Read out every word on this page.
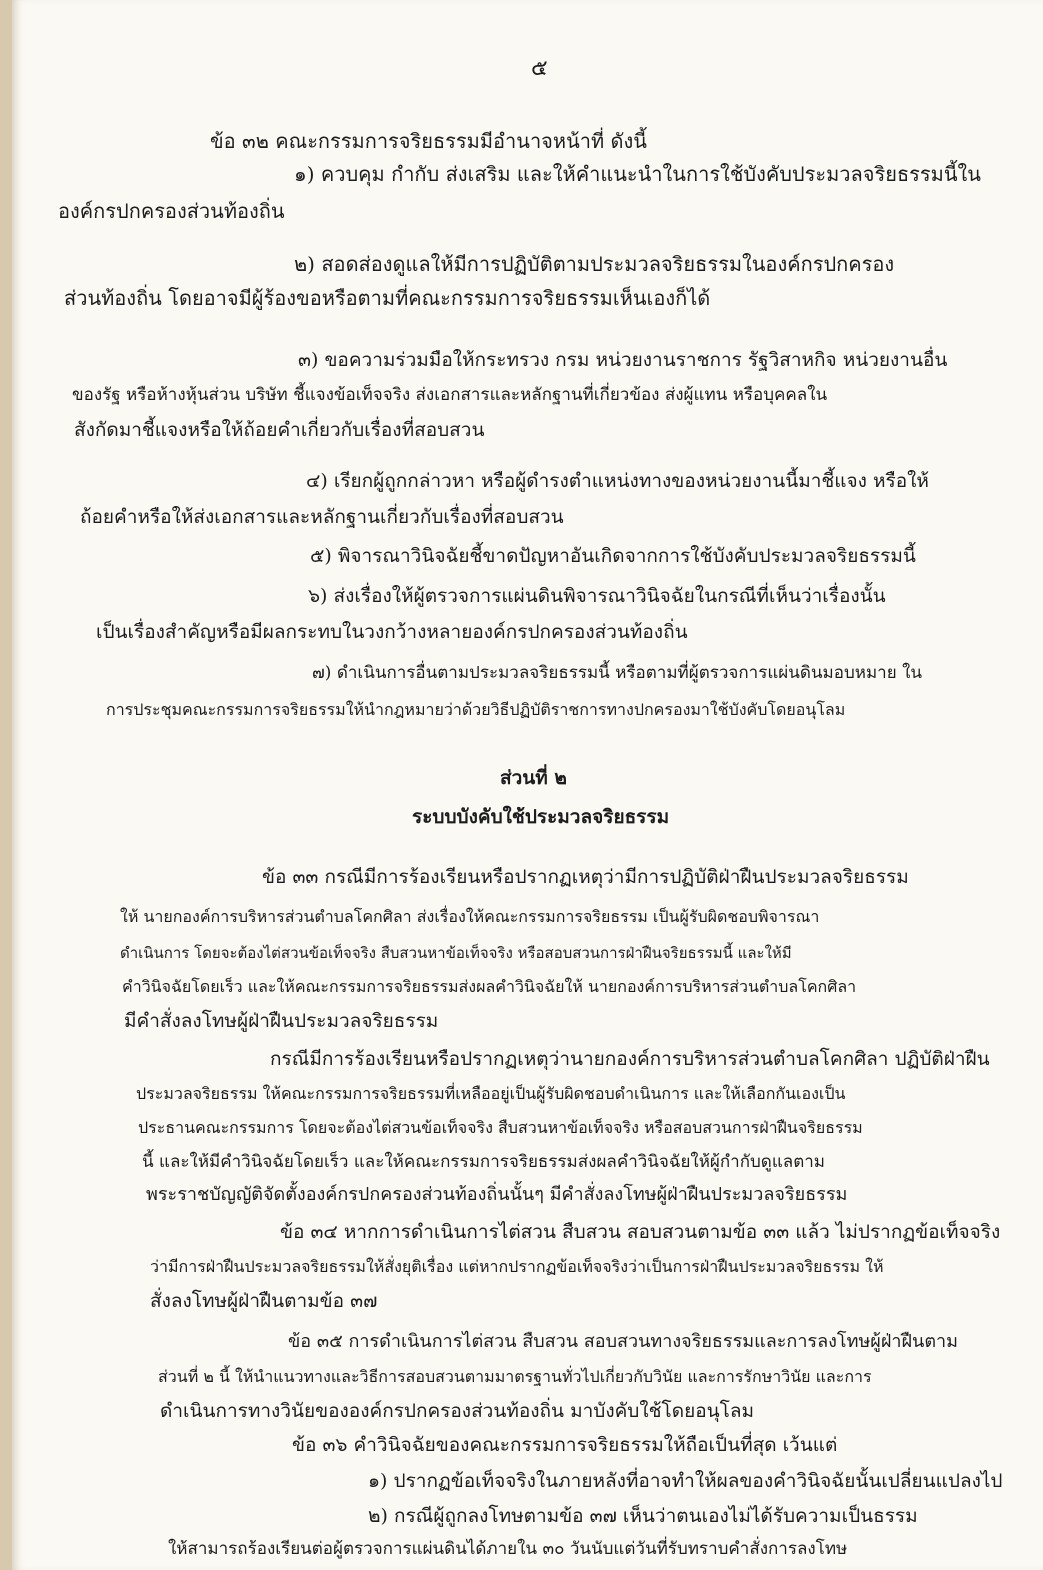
๕
ข้อ ๓๒ คณะกรรมการจริยธรรมมีอำนาจหน้าที่ ดังนี้
๑) ควบคุม กำกับ ส่งเสริม และให้คำแนะนำในการใช้บังคับประมวลจริยธรรมนี้ใน
องค์กรปกครองส่วนท้องถิ่น
๒) สอดส่องดูแลให้มีการปฏิบัติตามประมวลจริยธรรมในองค์กรปกครอง
ส่วนท้องถิ่น โดยอาจมีผู้ร้องขอหรือตามที่คณะกรรมการจริยธรรมเห็นเองก็ได้
๓) ขอความร่วมมือให้กระทรวง กรม หน่วยงานราชการ รัฐวิสาหกิจ หน่วยงานอื่น
ของรัฐ หรือห้างหุ้นส่วน บริษัท ชี้แจงข้อเท็จจริง ส่งเอกสารและหลักฐานที่เกี่ยวข้อง ส่งผู้แทน หรือบุคคลใน
สังกัดมาชี้แจงหรือให้ถ้อยคำเกี่ยวกับเรื่องที่สอบสวน
๔) เรียกผู้ถูกกล่าวหา หรือผู้ดำรงตำแหน่งทางของหน่วยงานนี้มาชี้แจง หรือให้
ถ้อยคำหรือให้ส่งเอกสารและหลักฐานเกี่ยวกับเรื่องที่สอบสวน
๕) พิจารณาวินิจฉัยชี้ขาดปัญหาอันเกิดจากการใช้บังคับประมวลจริยธรรมนี้
๖) ส่งเรื่องให้ผู้ตรวจการแผ่นดินพิจารณาวินิจฉัยในกรณีที่เห็นว่าเรื่องนั้น
เป็นเรื่องสำคัญหรือมีผลกระทบในวงกว้างหลายองค์กรปกครองส่วนท้องถิ่น
๗) ดำเนินการอื่นตามประมวลจริยธรรมนี้ หรือตามที่ผู้ตรวจการแผ่นดินมอบหมาย ใน
การประชุมคณะกรรมการจริยธรรมให้นำกฎหมายว่าด้วยวิธีปฏิบัติราชการทางปกครองมาใช้บังคับโดยอนุโลม
ส่วนที่ ๒
ระบบบังคับใช้ประมวลจริยธรรม
ข้อ ๓๓ กรณีมีการร้องเรียนหรือปรากฏเหตุว่ามีการปฏิบัติฝ่าฝืนประมวลจริยธรรม
ให้ นายกองค์การบริหารส่วนตำบลโคกศิลา ส่งเรื่องให้คณะกรรมการจริยธรรม เป็นผู้รับผิดชอบพิจารณา
ดำเนินการ โดยจะต้องไต่สวนข้อเท็จจริง สืบสวนหาข้อเท็จจริง หรือสอบสวนการฝ่าฝืนจริยธรรมนี้ และให้มี
คำวินิจฉัยโดยเร็ว และให้คณะกรรมการจริยธรรมส่งผลคำวินิจฉัยให้ นายกองค์การบริหารส่วนตำบลโคกศิลา
มีคำสั่งลงโทษผู้ฝ่าฝืนประมวลจริยธรรม
กรณีมีการร้องเรียนหรือปรากฏเหตุว่านายกองค์การบริหารส่วนตำบลโคกศิลา ปฏิบัติฝ่าฝืน
ประมวลจริยธรรม ให้คณะกรรมการจริยธรรมที่เหลืออยู่เป็นผู้รับผิดชอบดำเนินการ และให้เลือกกันเองเป็น
ประธานคณะกรรมการ โดยจะต้องไต่สวนข้อเท็จจริง สืบสวนหาข้อเท็จจริง หรือสอบสวนการฝ่าฝืนจริยธรรม
นี้ และให้มีคำวินิจฉัยโดยเร็ว และให้คณะกรรมการจริยธรรมส่งผลคำวินิจฉัยให้ผู้กำกับดูแลตาม
พระราชบัญญัติจัดตั้งองค์กรปกครองส่วนท้องถิ่นนั้นๆ มีคำสั่งลงโทษผู้ฝ่าฝืนประมวลจริยธรรม
ข้อ ๓๔ หากการดำเนินการไต่สวน สืบสวน สอบสวนตามข้อ ๓๓ แล้ว ไม่ปรากฏข้อเท็จจริง
ว่ามีการฝ่าฝืนประมวลจริยธรรมให้สั่งยุติเรื่อง แต่หากปรากฏข้อเท็จจริงว่าเป็นการฝ่าฝืนประมวลจริยธรรม ให้
สั่งลงโทษผู้ฝ่าฝืนตามข้อ ๓๗
ข้อ ๓๕ การดำเนินการไต่สวน สืบสวน สอบสวนทางจริยธรรมและการลงโทษผู้ฝ่าฝืนตาม
ส่วนที่ ๒ นี้ ให้นำแนวทางและวิธีการสอบสวนตามมาตรฐานทั่วไปเกี่ยวกับวินัย และการรักษาวินัย และการ
ดำเนินการทางวินัยขององค์กรปกครองส่วนท้องถิ่น มาบังคับใช้โดยอนุโลม
ข้อ ๓๖ คำวินิจฉัยของคณะกรรมการจริยธรรมให้ถือเป็นที่สุด เว้นแต่
๑) ปรากฏข้อเท็จจริงในภายหลังที่อาจทำให้ผลของคำวินิจฉัยนั้นเปลี่ยนแปลงไป
๒) กรณีผู้ถูกลงโทษตามข้อ ๓๗ เห็นว่าตนเองไม่ได้รับความเป็นธรรม
ให้สามารถร้องเรียนต่อผู้ตรวจการแผ่นดินได้ภายใน ๓๐ วันนับแต่วันที่รับทราบคำสั่งการลงโทษ
